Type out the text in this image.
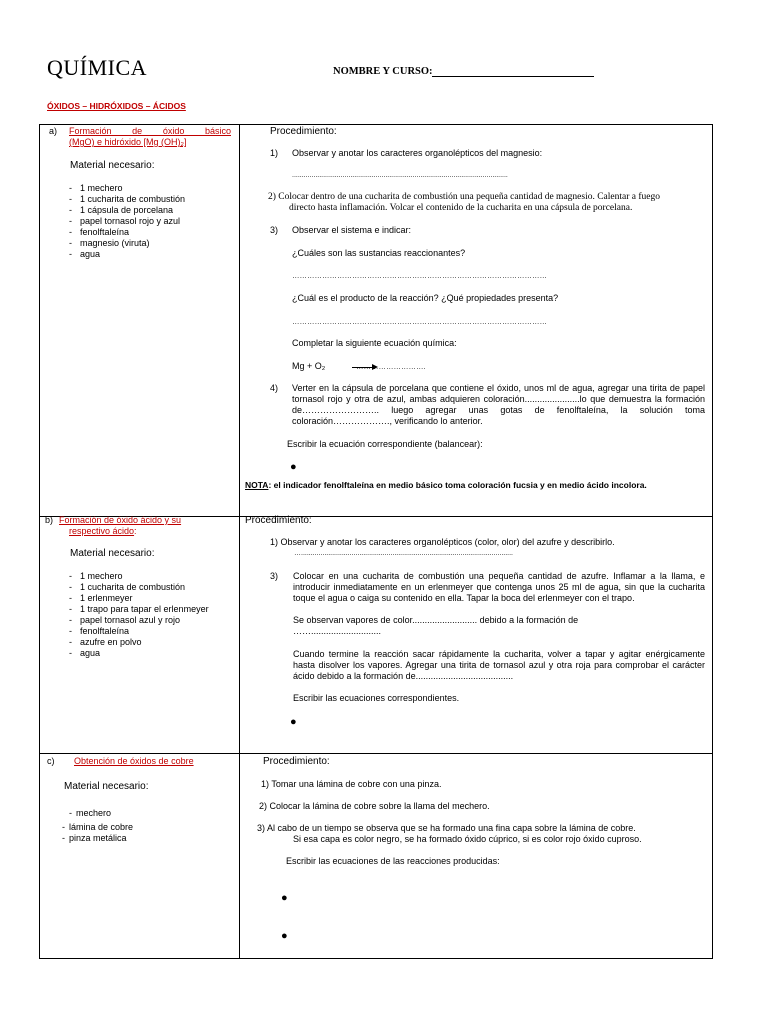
QUÍMICA	NOMBRE Y CURSO:
ÓXIDOS – HIDRÓXIDOS – ÁCIDOS
a) Formación de óxido básico
(MgO) e hidróxido [Mg (OH)₂]
Material necesario:
- 1 mechero
- 1 cucharita de combustión
- 1 cápsula de porcelana
- papel tornasol rojo y azul
- fenolftaleína
- magnesio (viruta)
- agua
Procedimiento:
1) Observar y anotar los caracteres organolépticos del magnesio:
...............................................................................................................
2) Colocar dentro de una cucharita de combustión una pequeña cantidad de magnesio. Calentar a fuego
directo hasta inflamación. Volcar el contenido de la cucharita en una cápsula de porcelana.
3) Observar el sistema e indicar:
¿Cuáles son las sustancias reaccionantes?
…………………………………………………………………………………………
¿Cuál es el producto de la reacción? ¿Qué propiedades presenta?
…………………………………………………………………………………………
Completar la siguiente ecuación química:
Mg + O₂	……………………….
4) Verter en la cápsula de porcelana que contiene el óxido, unos ml de agua, agregar una tirita de papel tornasol rojo y otra de azul, ambas adquieren coloración......................lo que demuestra la formación de…………………….. luego agregar unas gotas de fenolftaleína, la solución toma coloración………………., verificando lo anterior.
Escribir la ecuación correspondiente (balancear):
●
NOTA: el indicador fenolftaleína en medio básico toma coloración fucsia y en medio ácido incolora.
b) Formación de óxido ácido y su
respectivo ácido:
Material necesario:
- 1 mechero
- 1 cucharita de combustión
- 1 erlenmeyer
- 1 trapo para tapar el erlenmeyer
- papel tornasol azul y rojo
- fenolftaleína
- azufre en polvo
- agua
Procedimiento:
1) Observar y anotar los caracteres organolépticos (color, olor) del azufre y describirlo.
….............................................................................................................
3) Colocar en una cucharita de combustión una pequeña cantidad de azufre. Inflamar a la llama, e introducir inmediatamente en un erlenmeyer que contenga unos 25 ml de agua, sin que la cucharita toque el agua o caiga su contenido en ella. Tapar la boca del erlenmeyer con el trapo.
Se observan vapores de color.......................... debido a la formación de
……............................
Cuando termine la reacción sacar rápidamente la cucharita, volver a tapar y agitar enérgicamente hasta disolver los vapores. Agregar una tirita de tornasol azul y otra roja para comprobar el carácter ácido debido a la formación de.......................................
Escribir las ecuaciones correspondientes.
●
c) Obtención de óxidos de cobre
Material necesario:
- mechero
- lámina de cobre
- pinza metálica
Procedimiento:
1) Tomar una lámina de cobre con una pinza.
2) Colocar la lámina de cobre sobre la llama del mechero.
3) Al cabo de un tiempo se observa que se ha formado una fina capa sobre la lámina de cobre.
Si esa capa es color negro, se ha formado óxido cúprico, si es color rojo óxido cuproso.
Escribir las ecuaciones de las reacciones producidas:
●
●
